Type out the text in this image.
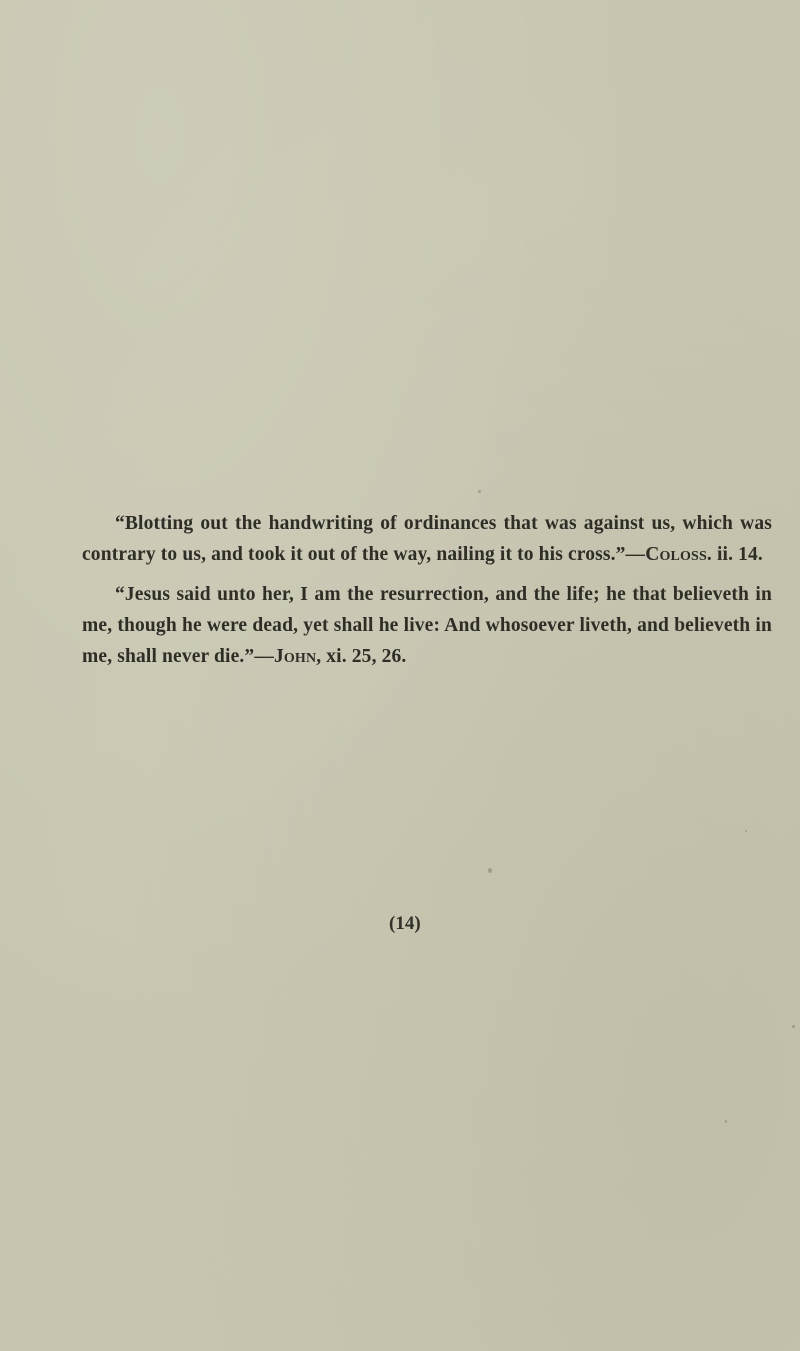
“Blotting out the handwriting of ordinances that was against us, which was contrary to us, and took it out of the way, nailing it to his cross.”—Coloss. ii. 14.

“Jesus said unto her, I am the resurrection, and the life; he that believeth in me, though he were dead, yet shall he live: And whosoever liveth, and believeth in me, shall never die.”—John, xi. 25, 26.

(14)
